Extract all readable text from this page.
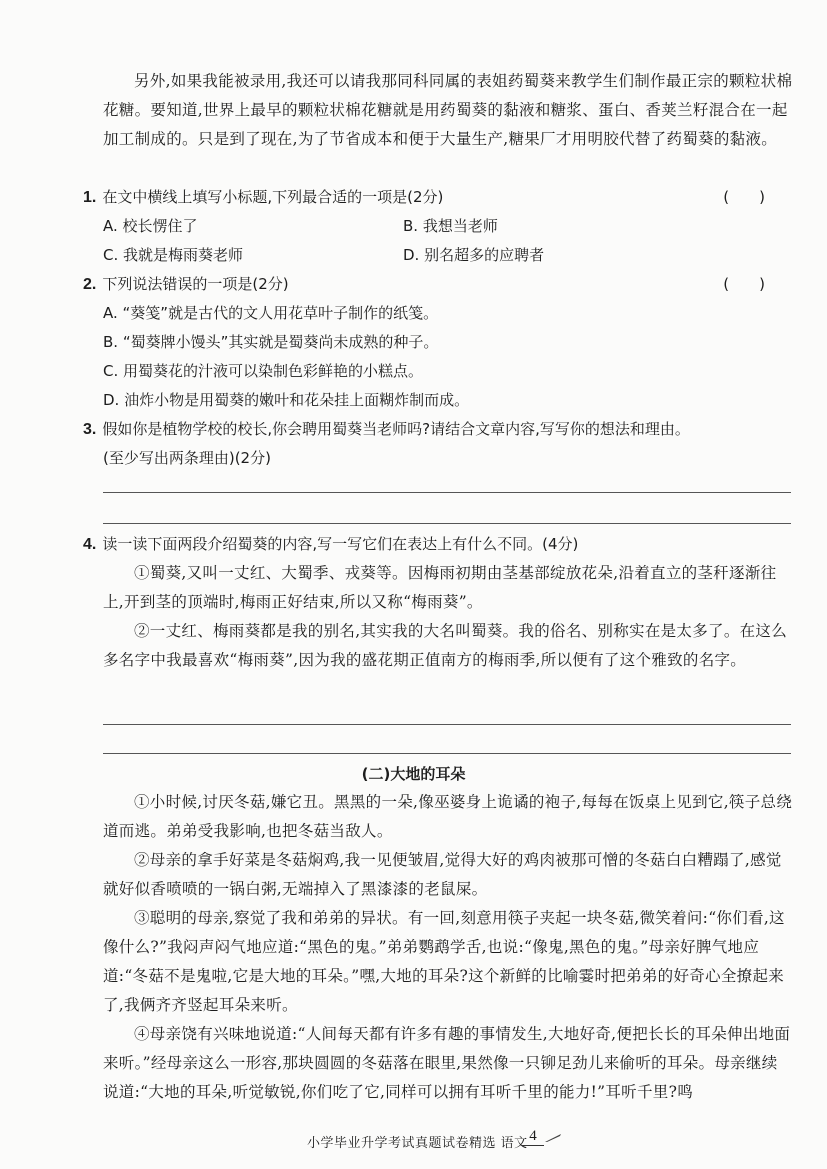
另外,如果我能被录用,我还可以请我那同科同属的表姐药蜀葵来教学生们制作最正宗的颗粒状棉花糖。要知道,世界上最早的颗粒状棉花糖就是用药蜀葵的黏液和糖浆、蛋白、香荚兰籽混合在一起加工制成的。只是到了现在,为了节省成本和便于大量生产,糖果厂才用明胶代替了药蜀葵的黏液。

1. 在文中横线上填写小标题,下列最合适的一项是(2分)	(　　)
A. 校长愣住了	B. 我想当老师
C. 我就是梅雨葵老师	D. 别名超多的应聘者
2. 下列说法错误的一项是(2分)	(　　)
A. “葵笺”就是古代的文人用花草叶子制作的纸笺。
B. “蜀葵牌小馒头”其实就是蜀葵尚未成熟的种子。
C. 用蜀葵花的汁液可以染制色彩鲜艳的小糕点。
D. 油炸小物是用蜀葵的嫩叶和花朵挂上面糊炸制而成。
3. 假如你是植物学校的校长,你会聘用蜀葵当老师吗?请结合文章内容,写写你的想法和理由。
(至少写出两条理由)(2分)
4. 读一读下面两段介绍蜀葵的内容,写一写它们在表达上有什么不同。(4分)

①蜀葵,又叫一丈红、大蜀季、戎葵等。因梅雨初期由茎基部绽放花朵,沿着直立的茎秆逐渐往上,开到茎的顶端时,梅雨正好结束,所以又称“梅雨葵”。

②一丈红、梅雨葵都是我的别名,其实我的大名叫蜀葵。我的俗名、别称实在是太多了。在这么多名字中我最喜欢“梅雨葵”,因为我的盛花期正值南方的梅雨季,所以便有了这个雅致的名字。

(二)大地的耳朵

①小时候,讨厌冬菇,嫌它丑。黑黑的一朵,像巫婆身上诡谲的袍子,每每在饭桌上见到它,筷子总绕道而逃。弟弟受我影响,也把冬菇当敌人。

②母亲的拿手好菜是冬菇焖鸡,我一见便皱眉,觉得大好的鸡肉被那可憎的冬菇白白糟蹋了,感觉就好似香喷喷的一锅白粥,无端掉入了黑漆漆的老鼠屎。

③聪明的母亲,察觉了我和弟弟的异状。有一回,刻意用筷子夹起一块冬菇,微笑着问:“你们看,这像什么?”我闷声闷气地应道:“黑色的鬼。”弟弟鹦鹉学舌,也说:“像鬼,黑色的鬼。”母亲好脾气地应道:“冬菇不是鬼啦,它是大地的耳朵。”嘿,大地的耳朵?这个新鲜的比喻霎时把弟弟的好奇心全撩起来了,我俩齐齐竖起耳朵来听。

④母亲饶有兴味地说道:“人间每天都有许多有趣的事情发生,大地好奇,便把长长的耳朵伸出地面来听。”经母亲这么一形容,那块圆圆的冬菇落在眼里,果然像一只铆足劲儿来偷听的耳朵。母亲继续说道:“大地的耳朵,听觉敏锐,你们吃了它,同样可以拥有耳听千里的能力!”耳听千里?鸣

小学毕业升学考试真题试卷精选 语文 4
